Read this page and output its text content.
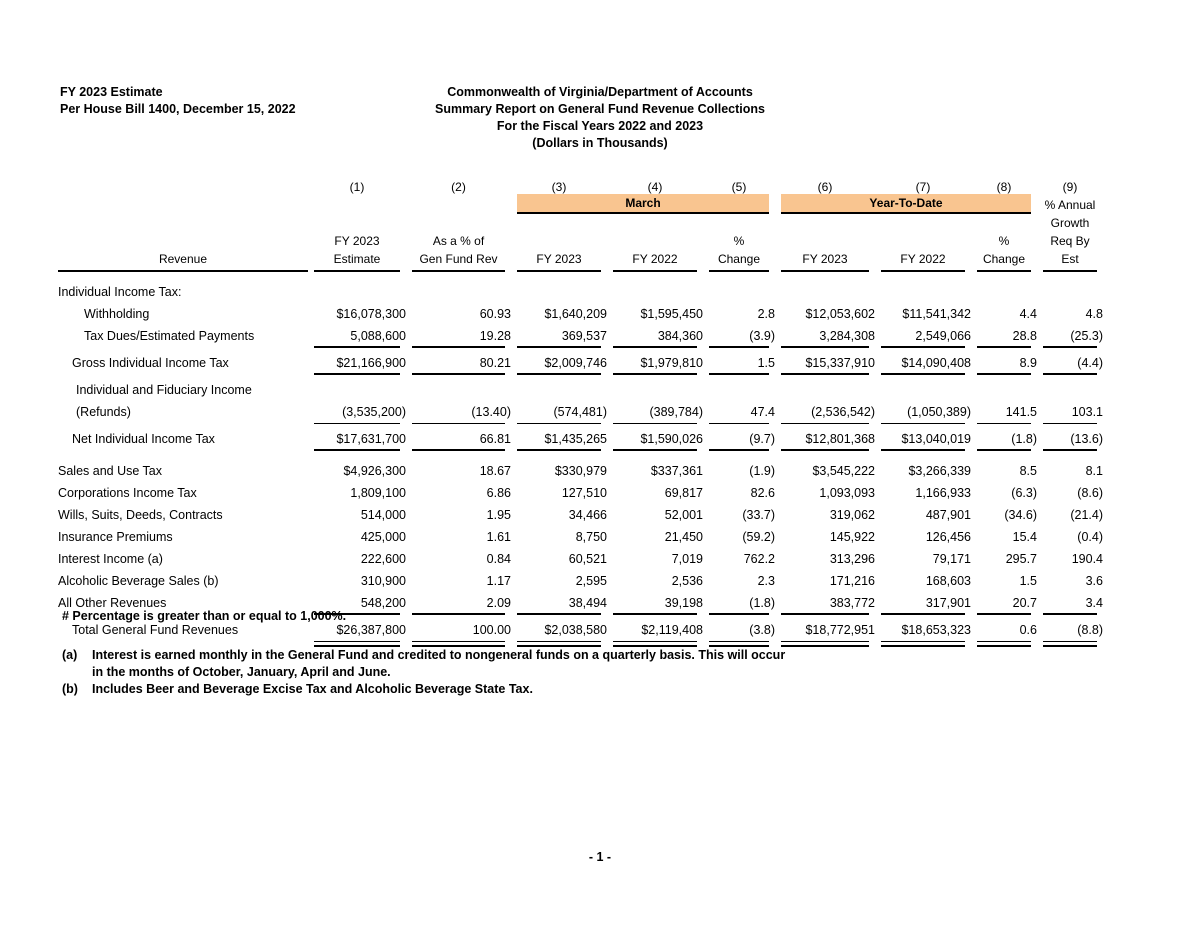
FY 2023 Estimate
Per House Bill 1400, December 15, 2022
Commonwealth of Virginia/Department of Accounts
Summary Report on General Fund Revenue Collections
For the Fiscal Years 2022 and 2023
(Dollars in Thousands)
	(1)	(2)	(3)	(4)	(5)	(6)	(7)	(8)	(9)

			March			Year-To-Date			% Annual
									Growth
	FY 2023	As a % of			%			%	Req By

Revenue	Estimate	Gen Fund Rev	FY 2023	FY 2022	Change	FY 2023	FY 2022	Change	Est

Individual Income Tax:									
Withholding	$16,078,300	60.93	$1,640,209	$1,595,450	2.8	$12,053,602	$11,541,342	4.4	4.8
Tax Dues/Estimated Payments	5,088,600	19.28	369,537	384,360	(3.9)	3,284,308	2,549,066	28.8	(25.3)

Gross Individual Income Tax	$21,166,900	80.21	$2,009,746	$1,979,810	1.5	$15,337,910	$14,090,408	8.9	(4.4)

Individual and Fiduciary Income									
(Refunds)	(3,535,200)	(13.40)	(574,481)	(389,784)	47.4	(2,536,542)	(1,050,389)	141.5	103.1

Net Individual Income Tax	$17,631,700	66.81	$1,435,265	$1,590,026	(9.7)	$12,801,368	$13,040,019	(1.8)	(13.6)

Sales and Use Tax	$4,926,300	18.67	$330,979	$337,361	(1.9)	$3,545,222	$3,266,339	8.5	8.1
Corporations Income Tax	1,809,100	6.86	127,510	69,817	82.6	1,093,093	1,166,933	(6.3)	(8.6)
Wills, Suits, Deeds, Contracts	514,000	1.95	34,466	52,001	(33.7)	319,062	487,901	(34.6)	(21.4)
Insurance Premiums	425,000	1.61	8,750	21,450	(59.2)	145,922	126,456	15.4	(0.4)
Interest Income (a)	222,600	0.84	60,521	7,019	762.2	313,296	79,171	295.7	190.4
Alcoholic Beverage Sales (b)	310,900	1.17	2,595	2,536	2.3	171,216	168,603	1.5	3.6
All Other Revenues	548,200	2.09	38,494	39,198	(1.8)	383,772	317,901	20.7	3.4

Total General Fund Revenues	$26,387,800	100.00	$2,038,580	$2,119,408	(3.8)	$18,772,951	$18,653,323	0.6	(8.8)

# Percentage is greater than or equal to 1,000%.
(a)	Interest is earned monthly in the General Fund and credited to nongeneral funds on a quarterly basis. This will occur
in the months of October, January, April and June.
(b)	Includes Beer and Beverage Excise Tax and Alcoholic Beverage State Tax.
- 1 -
